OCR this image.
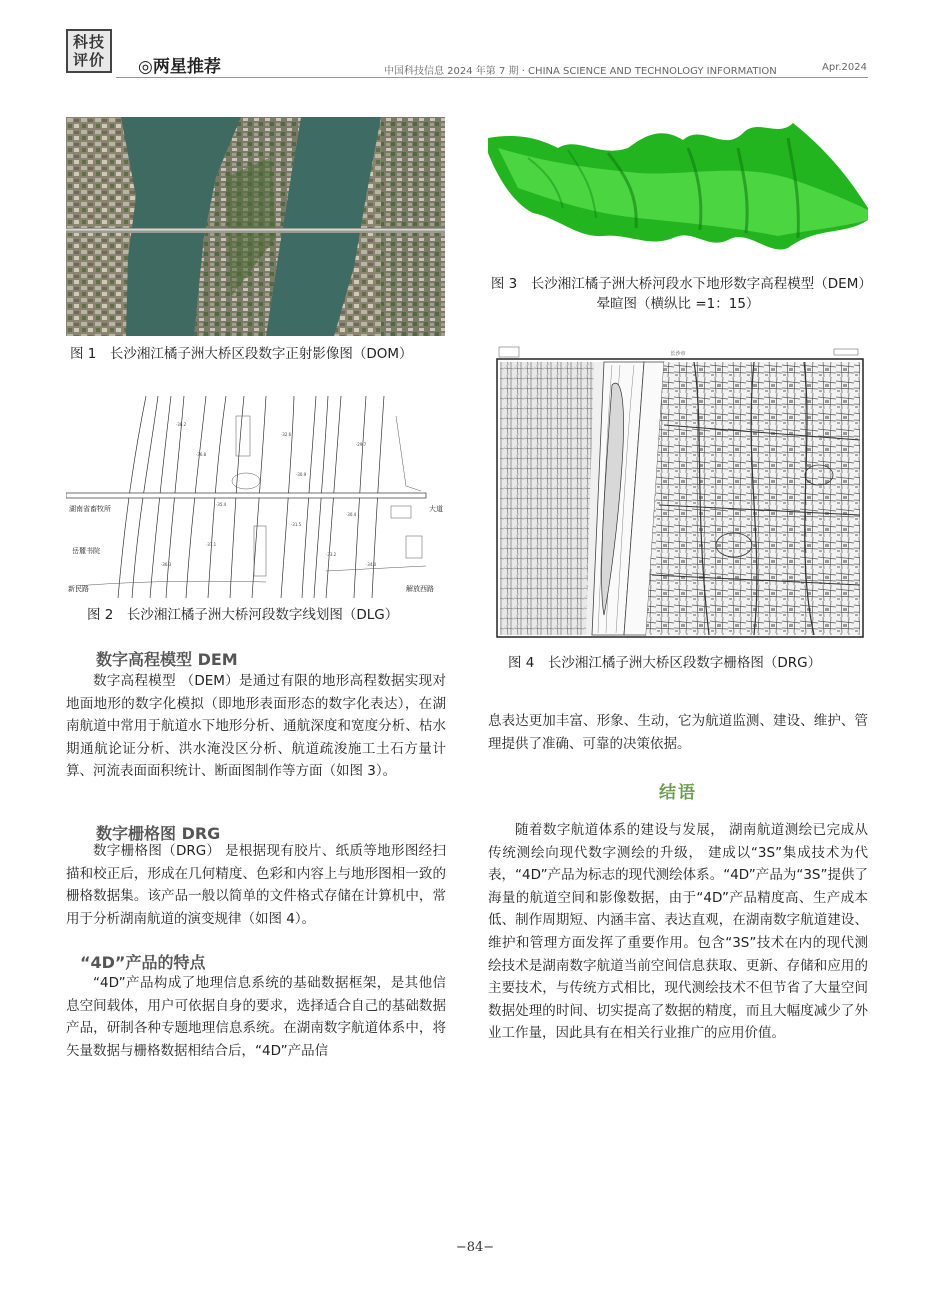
科技
评价 ◎两星推荐	中国科技信息 2024 年第 7 期 · CHINA SCIENCE AND TECHNOLOGY INFORMATION	Apr.2024
图 1　长沙湘江橘子洲大桥区段数字正射影像图（DOM）
·38.2
·36.8
·35.4
·37.1
·32.6
·30.9
·31.5
·33.2
·29.7
·30.4
·34.0
·36.3
湖南省畜牧所
岳麓书院
新民路
大道
解放西路
图 2　长沙湘江橘子洲大桥河段数字线划图（DLG）
图 3　长沙湘江橘子洲大桥河段水下地形数字高程模型（DEM）晕暄图（横纵比 =1：15）
长沙市
图 4　长沙湘江橘子洲大桥区段数字栅格图（DRG）
数字高程模型 DEM

数字高程模型 （DEM）是通过有限的地形高程数据实现对地面地形的数字化模拟（即地形表面形态的数字化表达），在湖南航道中常用于航道水下地形分析、通航深度和宽度分析、枯水期通航论证分析、洪水淹没区分析、航道疏浚施工土石方量计算、河流表面面积统计、断面图制作等方面（如图 3）。

数字栅格图 DRG

数字栅格图（DRG） 是根据现有胶片、纸质等地形图经扫描和校正后，形成在几何精度、色彩和内容上与地形图相一致的栅格数据集。该产品一般以简单的文件格式存储在计算机中，常用于分析湖南航道的演变规律（如图 4）。

“4D”产品的特点

“4D”产品构成了地理信息系统的基础数据框架，是其他信息空间载体，用户可依据自身的要求，选择适合自己的基础数据产品，研制各种专题地理信息系统。在湖南数字航道体系中，将矢量数据与栅格数据相结合后，“4D”产品信

息表达更加丰富、形象、生动，它为航道监测、建设、维护、管理提供了准确、可靠的决策依据。

结语

随着数字航道体系的建设与发展， 湖南航道测绘已完成从传统测绘向现代数字测绘的升级， 建成以“3S”集成技术为代表，“4D”产品为标志的现代测绘体系。“4D”产品为“3S”提供了海量的航道空间和影像数据，由于“4D”产品精度高、生产成本低、制作周期短、内涵丰富、表达直观，在湖南数字航道建设、维护和管理方面发挥了重要作用。包含“3S”技术在内的现代测绘技术是湖南数字航道当前空间信息获取、更新、存储和应用的主要技术，与传统方式相比，现代测绘技术不但节省了大量空间数据处理的时间、切实提高了数据的精度，而且大幅度减少了外业工作量，因此具有在相关行业推广的应用价值。

−84−
